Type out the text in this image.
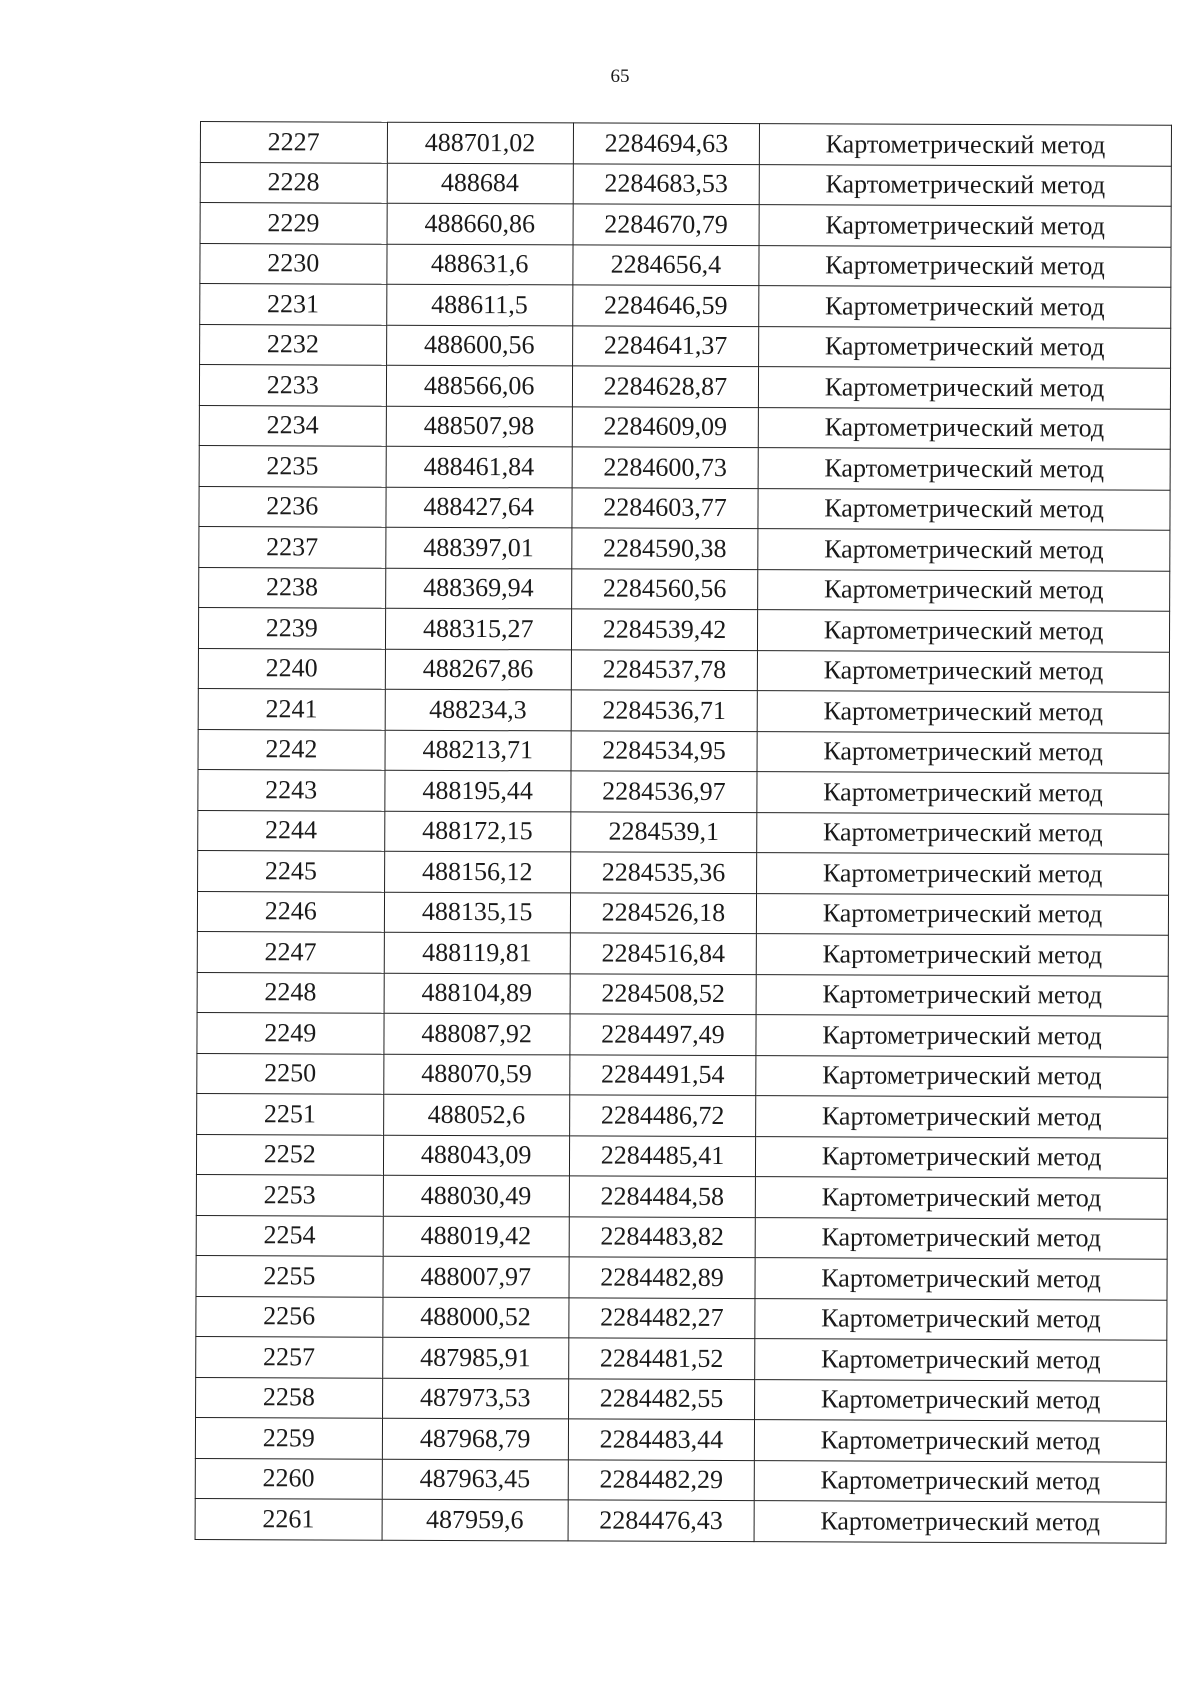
65
2227	488701,02	2284694,63	Картометрический метод
2228	488684	2284683,53	Картометрический метод
2229	488660,86	2284670,79	Картометрический метод
2230	488631,6	2284656,4	Картометрический метод
2231	488611,5	2284646,59	Картометрический метод
2232	488600,56	2284641,37	Картометрический метод
2233	488566,06	2284628,87	Картометрический метод
2234	488507,98	2284609,09	Картометрический метод
2235	488461,84	2284600,73	Картометрический метод
2236	488427,64	2284603,77	Картометрический метод
2237	488397,01	2284590,38	Картометрический метод
2238	488369,94	2284560,56	Картометрический метод
2239	488315,27	2284539,42	Картометрический метод
2240	488267,86	2284537,78	Картометрический метод
2241	488234,3	2284536,71	Картометрический метод
2242	488213,71	2284534,95	Картометрический метод
2243	488195,44	2284536,97	Картометрический метод
2244	488172,15	2284539,1	Картометрический метод
2245	488156,12	2284535,36	Картометрический метод
2246	488135,15	2284526,18	Картометрический метод
2247	488119,81	2284516,84	Картометрический метод
2248	488104,89	2284508,52	Картометрический метод
2249	488087,92	2284497,49	Картометрический метод
2250	488070,59	2284491,54	Картометрический метод
2251	488052,6	2284486,72	Картометрический метод
2252	488043,09	2284485,41	Картометрический метод
2253	488030,49	2284484,58	Картометрический метод
2254	488019,42	2284483,82	Картометрический метод
2255	488007,97	2284482,89	Картометрический метод
2256	488000,52	2284482,27	Картометрический метод
2257	487985,91	2284481,52	Картометрический метод
2258	487973,53	2284482,55	Картометрический метод
2259	487968,79	2284483,44	Картометрический метод
2260	487963,45	2284482,29	Картометрический метод
2261	487959,6	2284476,43	Картометрический метод
